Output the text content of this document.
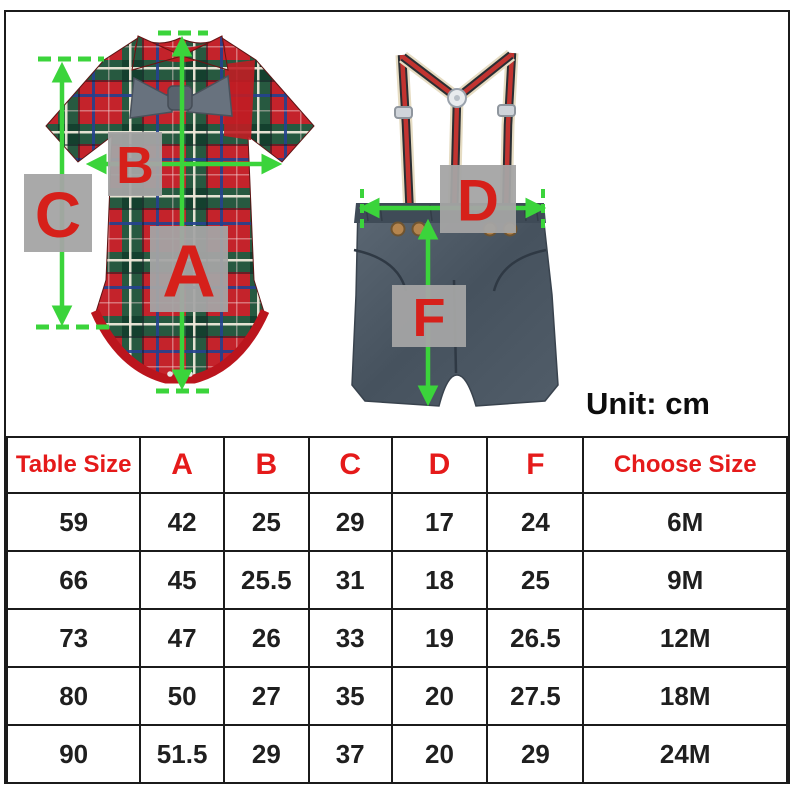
C
B
A
D
F
Unit: cm
Table Size	A	B	C	D	F	Choose Size
59	42	25	29	17	24	6M
66	45	25.5	31	18	25	9M
73	47	26	33	19	26.5	12M
80	50	27	35	20	27.5	18M
90	51.5	29	37	20	29	24M
